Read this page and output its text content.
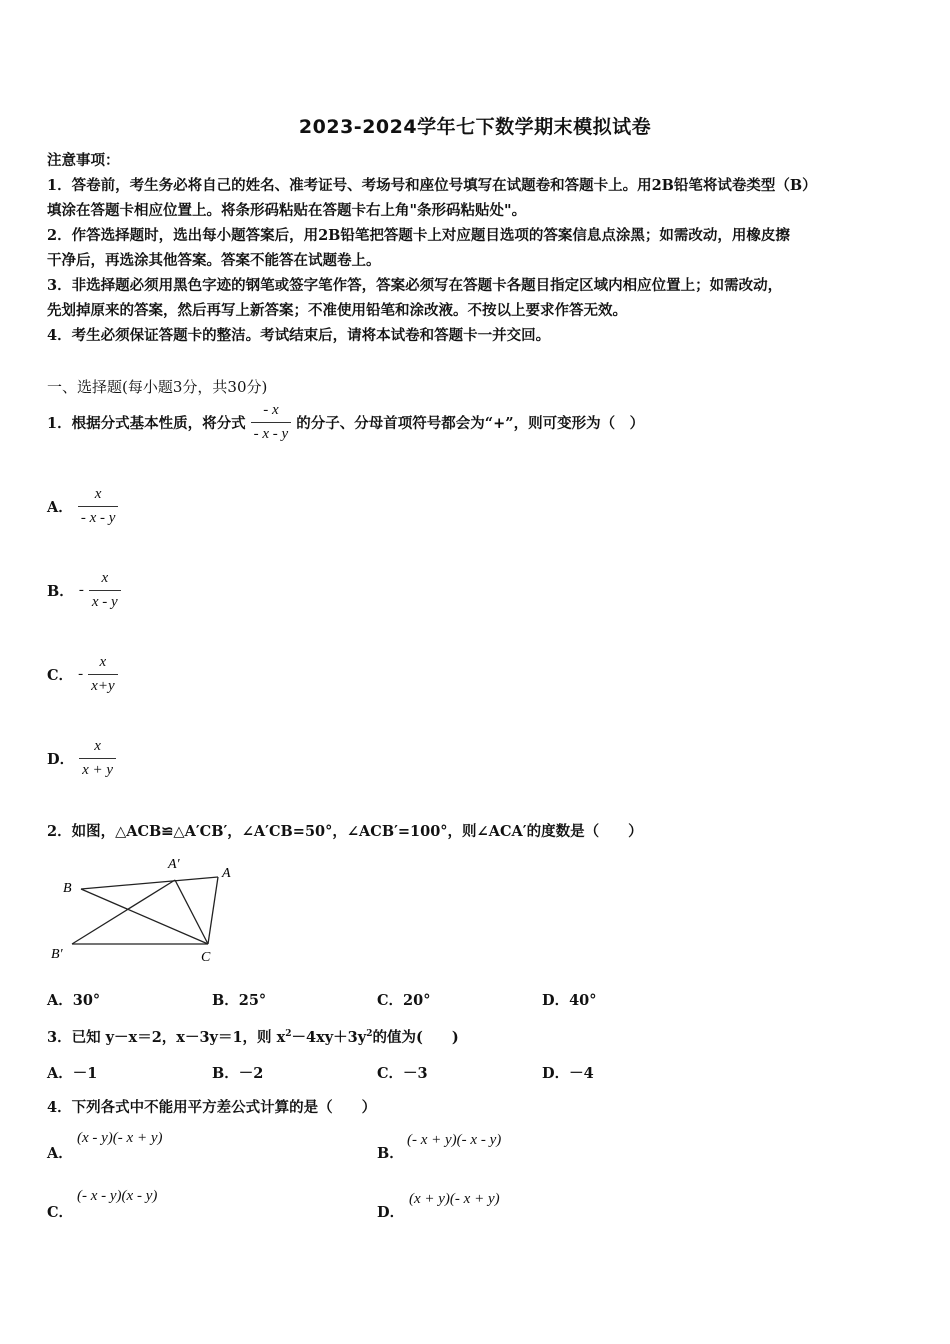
2023-2024学年七下数学期末模拟试卷
注意事项：
1．答卷前，考生务必将自己的姓名、准考证号、考场号和座位号填写在试题卷和答题卡上。用2B铅笔将试卷类型（B）
填涂在答题卡相应位置上。将条形码粘贴在答题卡右上角"条形码粘贴处"。
2．作答选择题时，选出每小题答案后，用2B铅笔把答题卡上对应题目选项的答案信息点涂黑；如需改动，用橡皮擦
干净后，再选涂其他答案。答案不能答在试题卷上。
3．非选择题必须用黑色字迹的钢笔或签字笔作答，答案必须写在答题卡各题目指定区域内相应位置上；如需改动，
先划掉原来的答案，然后再写上新答案；不准使用铅笔和涂改液。不按以上要求作答无效。
4．考生必须保证答题卡的整洁。考试结束后，请将本试卷和答题卡一并交回。
一、选择题(每小题3分，共30分)
1．根据分式基本性质，将分式 $\frac{- x}{- x - y}$ 的分子、分母首项符号都会为“+”，则可变形为（　）
A． $\frac{x}{- x - y}$
B． - $\frac{x}{x - y}$
C． - $\frac{x}{x+y}$
D． $\frac{x}{x + y}$
2．如图，△ACB≌△A′CB′，∠A′CB=50°，∠ACB′=100°，则∠ACA′的度数是（　　）
B
A′
A
B′	C
A．30°	B．25°	C．20°	D．40°
3．已知 y－x＝2，x－3y＝1，则 $x^2-4xy+3y^2$的值为(　　)
A．－1	B．－2	C．－3	D．－4
4．下列各式中不能用平方差公式计算的是（　　）
A．
(x - y)(- x + y)
B．
(- x + y)(- x - y)
C．
(- x - y)(x - y)
D．
(x + y)(- x + y)
